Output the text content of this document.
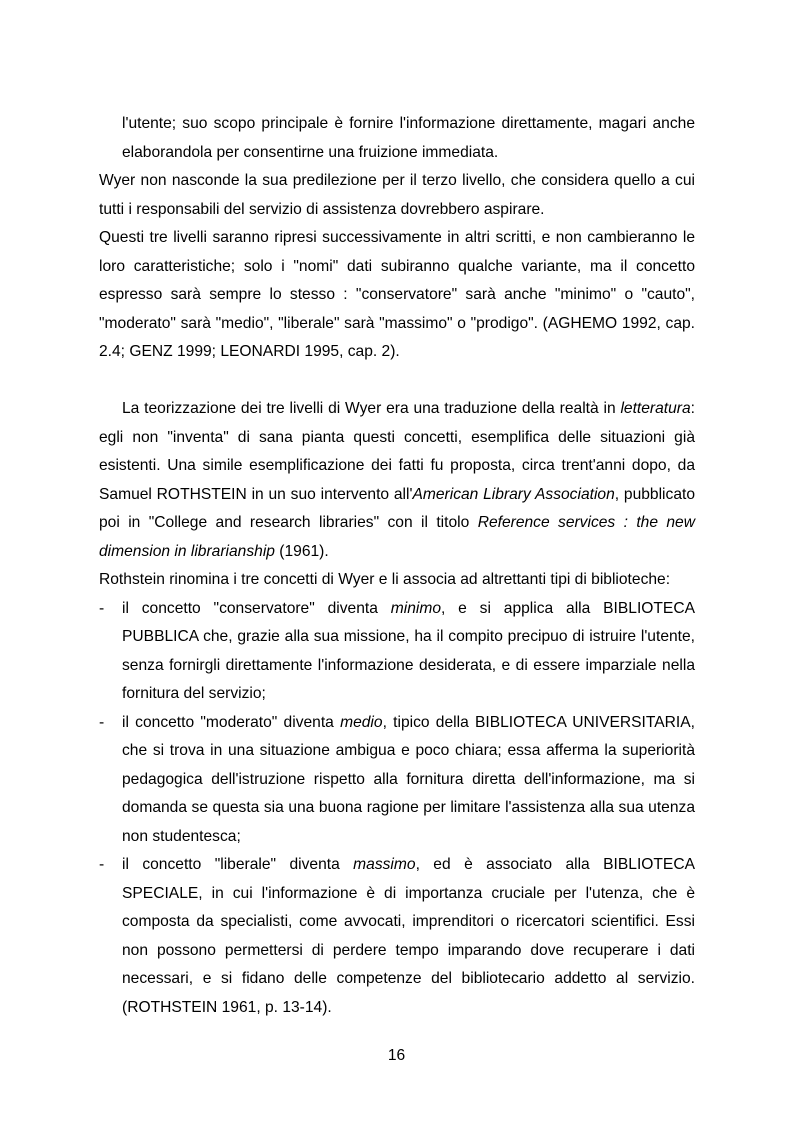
l'utente; suo scopo principale è fornire l'informazione direttamente, magari anche elaborandola per consentirne una fruizione immediata.

Wyer non nasconde la sua predilezione per il terzo livello, che considera quello a cui tutti i responsabili del servizio di assistenza dovrebbero aspirare.

Questi tre livelli saranno ripresi successivamente in altri scritti, e non cambieranno le loro caratteristiche; solo i "nomi" dati subiranno qualche variante, ma il concetto espresso sarà sempre lo stesso : "conservatore" sarà anche "minimo" o "cauto", "moderato" sarà "medio", "liberale" sarà "massimo" o "prodigo". (AGHEMO 1992, cap. 2.4; GENZ 1999; LEONARDI 1995, cap. 2).

La teorizzazione dei tre livelli di Wyer era una traduzione della realtà in letteratura: egli non "inventa" di sana pianta questi concetti, esemplifica delle situazioni già esistenti. Una simile esemplificazione dei fatti fu proposta, circa trent'anni dopo, da Samuel ROTHSTEIN in un suo intervento all'American Library Association, pubblicato poi in "College and research libraries" con il titolo Reference services : the new dimension in librarianship (1961).

Rothstein rinomina i tre concetti di Wyer e li associa ad altrettanti tipi di biblioteche:

- il concetto "conservatore" diventa minimo, e si applica alla BIBLIOTECA PUBBLICA che, grazie alla sua missione, ha il compito precipuo di istruire l'utente, senza fornirgli direttamente l'informazione desiderata, e di essere imparziale nella fornitura del servizio;
- il concetto "moderato" diventa medio, tipico della BIBLIOTECA UNIVERSITARIA, che si trova in una situazione ambigua e poco chiara; essa afferma la superiorità pedagogica dell'istruzione rispetto alla fornitura diretta dell'informazione, ma si domanda se questa sia una buona ragione per limitare l'assistenza alla sua utenza non studentesca;
- il concetto "liberale" diventa massimo, ed è associato alla BIBLIOTECA SPECIALE, in cui l'informazione è di importanza cruciale per l'utenza, che è composta da specialisti, come avvocati, imprenditori o ricercatori scientifici. Essi non possono permettersi di perdere tempo imparando dove recuperare i dati necessari, e si fidano delle competenze del bibliotecario addetto al servizio. (ROTHSTEIN 1961, p. 13-14).
16
